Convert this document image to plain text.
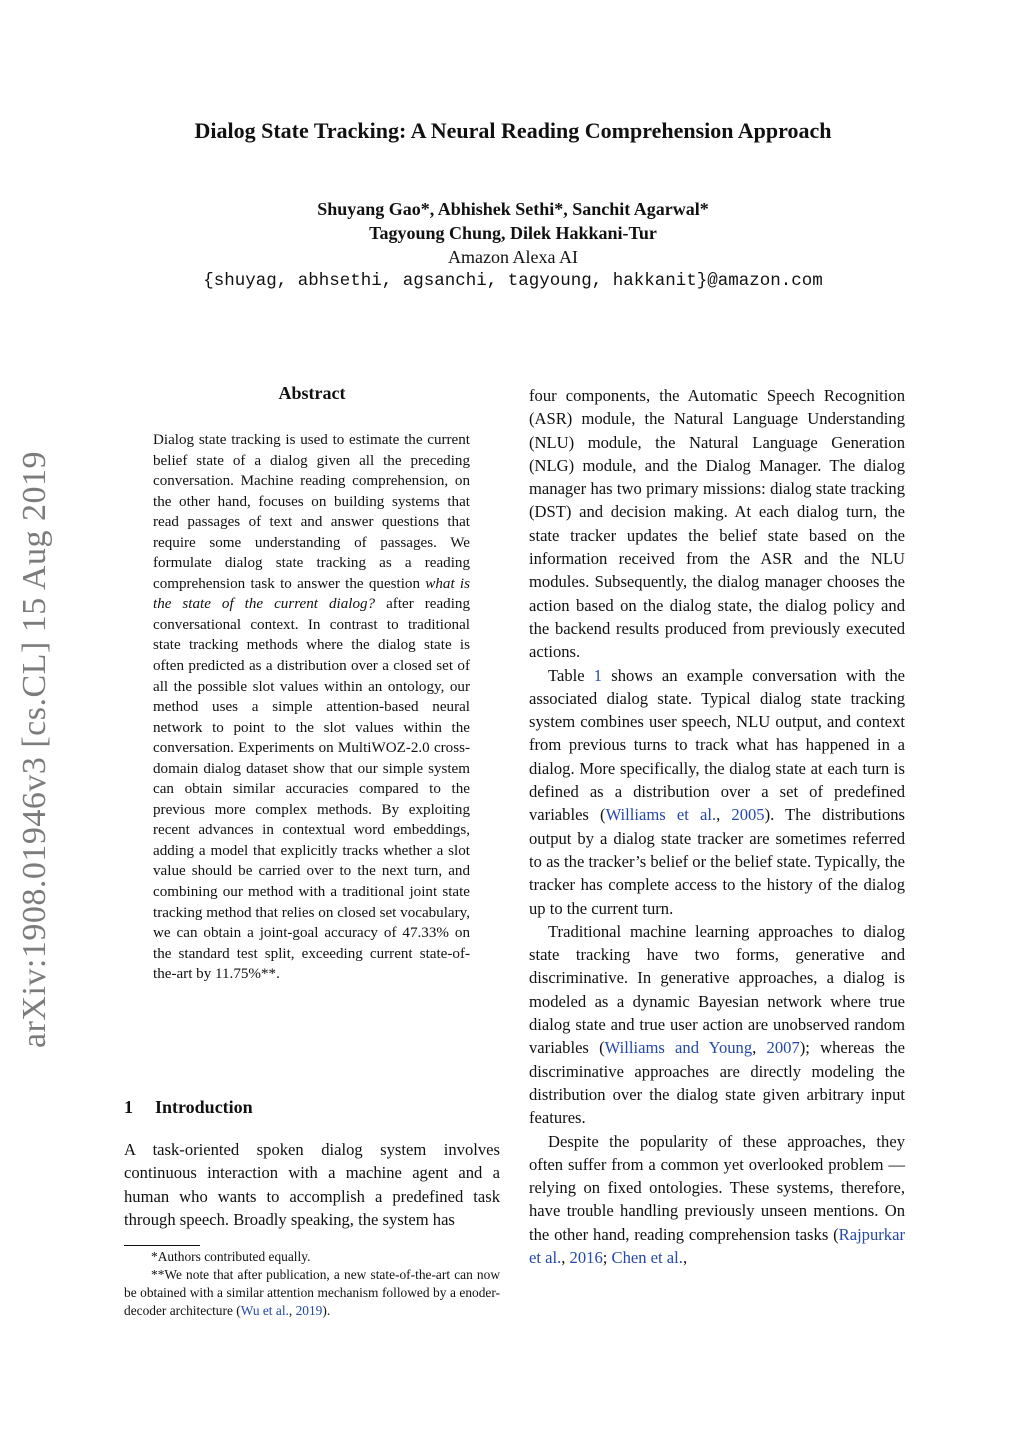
arXiv:1908.01946v3 [cs.CL] 15 Aug 2019
Dialog State Tracking: A Neural Reading Comprehension Approach
Shuyang Gao*, Abhishek Sethi*, Sanchit Agarwal*
Tagyoung Chung, Dilek Hakkani-Tur
Amazon Alexa AI
{shuyag, abhsethi, agsanchi, tagyoung, hakkanit}@amazon.com
Abstract
Dialog state tracking is used to estimate the current belief state of a dialog given all the preceding conversation. Machine reading comprehension, on the other hand, focuses on building systems that read passages of text and answer questions that require some understanding of passages. We formulate dialog state tracking as a reading comprehension task to answer the question what is the state of the current dialog? after reading conversational context. In contrast to traditional state tracking methods where the dialog state is often predicted as a distribution over a closed set of all the possible slot values within an ontology, our method uses a simple attention-based neural network to point to the slot values within the conversation. Experiments on MultiWOZ-2.0 cross-domain dialog dataset show that our simple system can obtain similar accuracies compared to the previous more complex methods. By exploiting recent advances in contextual word embeddings, adding a model that explicitly tracks whether a slot value should be carried over to the next turn, and combining our method with a traditional joint state tracking method that relies on closed set vocabulary, we can obtain a joint-goal accuracy of 47.33% on the standard test split, exceeding current state-of-the-art by 11.75%**.
1 Introduction
A task-oriented spoken dialog system involves continuous interaction with a machine agent and a human who wants to accomplish a predefined task through speech. Broadly speaking, the system has

*Authors contributed equally.

**We note that after publication, a new state-of-the-art can now be obtained with a similar attention mechanism followed by a enoder-decoder architecture (Wu et al., 2019).

four components, the Automatic Speech Recognition (ASR) module, the Natural Language Understanding (NLU) module, the Natural Language Generation (NLG) module, and the Dialog Manager. The dialog manager has two primary missions: dialog state tracking (DST) and decision making. At each dialog turn, the state tracker updates the belief state based on the information received from the ASR and the NLU modules. Subsequently, the dialog manager chooses the action based on the dialog state, the dialog policy and the backend results produced from previously executed actions.

Table 1 shows an example conversation with the associated dialog state. Typical dialog state tracking system combines user speech, NLU output, and context from previous turns to track what has happened in a dialog. More specifically, the dialog state at each turn is defined as a distribution over a set of predefined variables (Williams et al., 2005). The distributions output by a dialog state tracker are sometimes referred to as the tracker’s belief or the belief state. Typically, the tracker has complete access to the history of the dialog up to the current turn.

Traditional machine learning approaches to dialog state tracking have two forms, generative and discriminative. In generative approaches, a dialog is modeled as a dynamic Bayesian network where true dialog state and true user action are unobserved random variables (Williams and Young, 2007); whereas the discriminative approaches are directly modeling the distribution over the dialog state given arbitrary input features.

Despite the popularity of these approaches, they often suffer from a common yet overlooked problem — relying on fixed ontologies. These systems, therefore, have trouble handling previously unseen mentions. On the other hand, reading comprehension tasks (Rajpurkar et al., 2016; Chen et al.,
